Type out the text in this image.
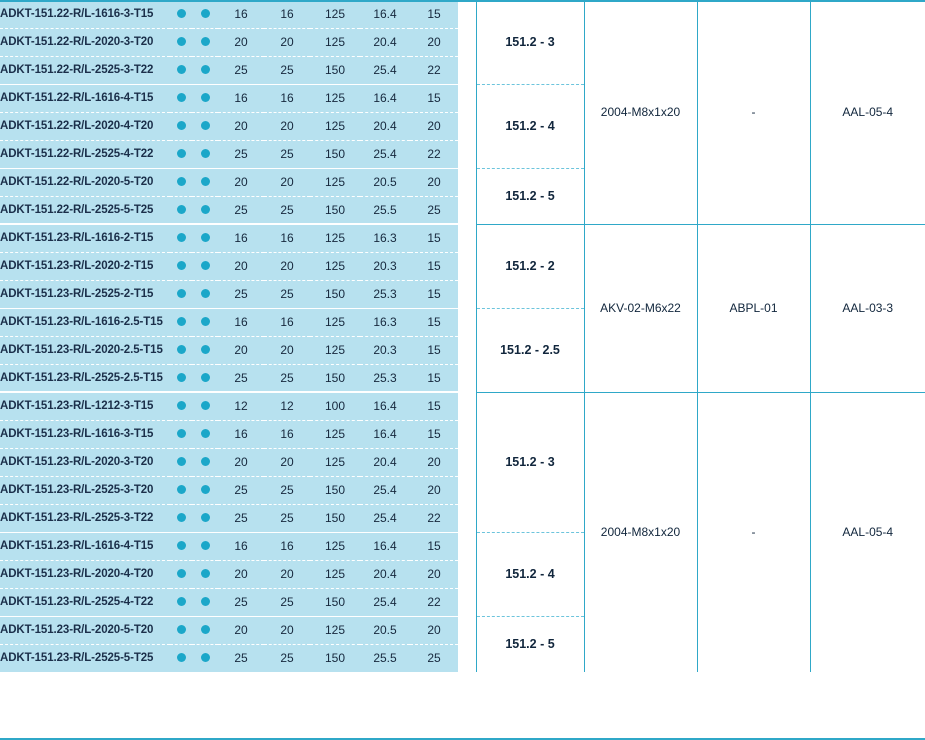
ADKT-151.22-R/L-1616-3-T15			16	16	125	16.4	15		151.2 - 3	2004-M8x1x20	-	AAL-05-4
ADKT-151.22-R/L-2020-3-T20			20	20	125	20.4	20					
ADKT-151.22-R/L-2525-3-T22			25	25	150	25.4	22					
ADKT-151.22-R/L-1616-4-T15			16	16	125	16.4	15		151.2 - 4			
ADKT-151.22-R/L-2020-4-T20			20	20	125	20.4	20					
ADKT-151.22-R/L-2525-4-T22			25	25	150	25.4	22					
ADKT-151.22-R/L-2020-5-T20			20	20	125	20.5	20		151.2 - 5			
ADKT-151.22-R/L-2525-5-T25			25	25	150	25.5	25					
ADKT-151.23-R/L-1616-2-T15			16	16	125	16.3	15		151.2 - 2	AKV-02-M6x22	ABPL-01	AAL-03-3
ADKT-151.23-R/L-2020-2-T15			20	20	125	20.3	15					
ADKT-151.23-R/L-2525-2-T15			25	25	150	25.3	15					
ADKT-151.23-R/L-1616-2.5-T15			16	16	125	16.3	15		151.2 - 2.5			
ADKT-151.23-R/L-2020-2.5-T15			20	20	125	20.3	15					
ADKT-151.23-R/L-2525-2.5-T15			25	25	150	25.3	15					
ADKT-151.23-R/L-1212-3-T15			12	12	100	16.4	15		151.2 - 3	2004-M8x1x20	-	AAL-05-4
ADKT-151.23-R/L-1616-3-T15			16	16	125	16.4	15					
ADKT-151.23-R/L-2020-3-T20			20	20	125	20.4	20					
ADKT-151.23-R/L-2525-3-T20			25	25	150	25.4	20					
ADKT-151.23-R/L-2525-3-T22			25	25	150	25.4	22					
ADKT-151.23-R/L-1616-4-T15			16	16	125	16.4	15		151.2 - 4			
ADKT-151.23-R/L-2020-4-T20			20	20	125	20.4	20					
ADKT-151.23-R/L-2525-4-T22			25	25	150	25.4	22					
ADKT-151.23-R/L-2020-5-T20			20	20	125	20.5	20		151.2 - 5			
ADKT-151.23-R/L-2525-5-T25			25	25	150	25.5	25					
